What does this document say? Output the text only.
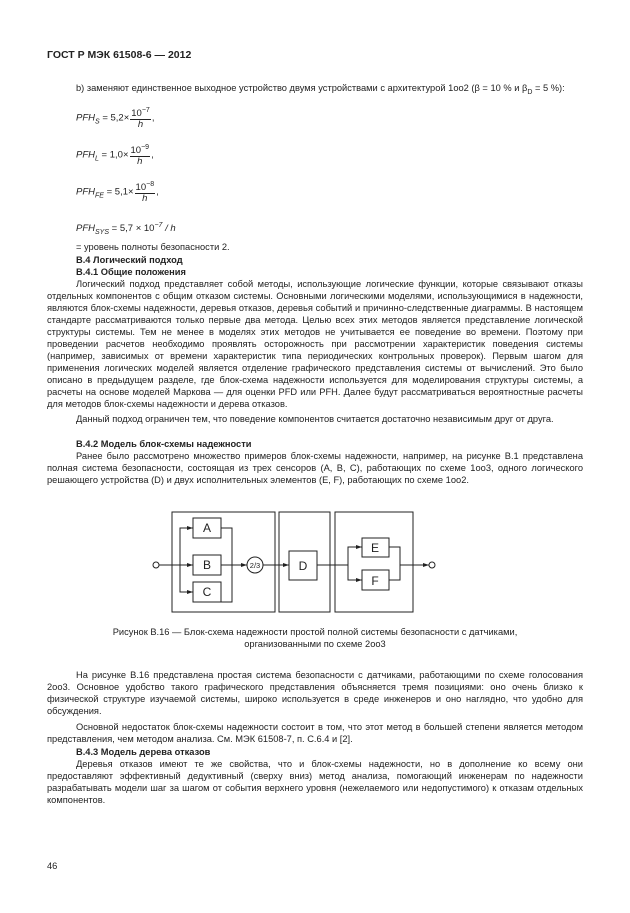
ГОСТ Р МЭК 61508-6 — 2012
b) заменяют единственное выходное устройство двумя устройствами с архитектурой 1oo2 (β = 10 % и $\beta_D = 5$ %):
$PFH_S = 5,2\times \frac{10^{-7}}{h}$ ,
$PFH_L = 1,0\times \frac{10^{-9}}{h}$ ,
$PFH_{FE} = 5,1\times \frac{10^{-8}}{h}$ ,
$PFH_{SYS} = 5,7 \times 10^{-7} / h$
= уровень полноты безопасности 2.
В.4 Логический подход
В.4.1 Общие положения
Логический подход представляет собой методы, использующие логические функции, которые связывают отказы отдельных компонентов с общим отказом системы. Основными логическими моделями, использующимися в надежности, являются блок-схемы надежности, деревья отказов, деревья событий и причинно-следственные диаграммы. В настоящем стандарте рассматриваются только первые два метода. Целью всех этих методов является представление логической структуры системы. Тем не менее в моделях этих методов не учитывается ее поведение во времени. Поэтому при проведении расчетов необходимо проявлять осторожность при рассмотрении характеристик поведения системы (например, зависимых от времени характеристик типа периодических контрольных проверок). Первым шагом для применения логических моделей является отделение графического представления системы от вычислений. Это было описано в предыдущем разделе, где блок-схема надежности используется для моделирования структуры системы, а расчеты на основе моделей Маркова — для оценки PFD или PFH. Далее будут рассматриваться вероятностные расчеты для методов блок-схемы надежности и дерева отказов.
Данный подход ограничен тем, что поведение компонентов считается достаточно независимым друг от друга.
В.4.2 Модель блок-схемы надежности
Ранее было рассмотрено множество примеров блок-схемы надежности, например, на рисунке В.1 представлена полная система безопасности, состоящая из трех сенсоров (A, B, C), работающих по схеме 1oo3, одного логического решающего устройства (D) и двух исполнительных элементов (E, F), работающих по схеме 1oo2.
A
B
C
2/3	D
E
F
Рисунок В.16 — Блок-схема надежности простой полной системы безопасности с датчиками,
организованными по схеме 2oo3
На рисунке В.16 представлена простая система безопасности с датчиками, работающими по схеме голосования 2oo3. Основное удобство такого графического представления объясняется тремя позициями: оно очень близко к физической структуре изучаемой системы, широко используется в среде инженеров и оно наглядно, что удобно для обсуждения.
Основной недостаток блок-схемы надежности состоит в том, что этот метод в большей степени является методом представления, чем методом анализа. См. МЭК 61508-7, п. С.6.4 и [2].
В.4.3 Модель дерева отказов
Деревья отказов имеют те же свойства, что и блок-схемы надежности, но в дополнение ко всему они предоставляют эффективный дедуктивный (сверху вниз) метод анализа, помогающий инженерам по надежности разрабатывать модели шаг за шагом от события верхнего уровня (нежелаемого или недопустимого) к отказам отдельных компонентов.
46
